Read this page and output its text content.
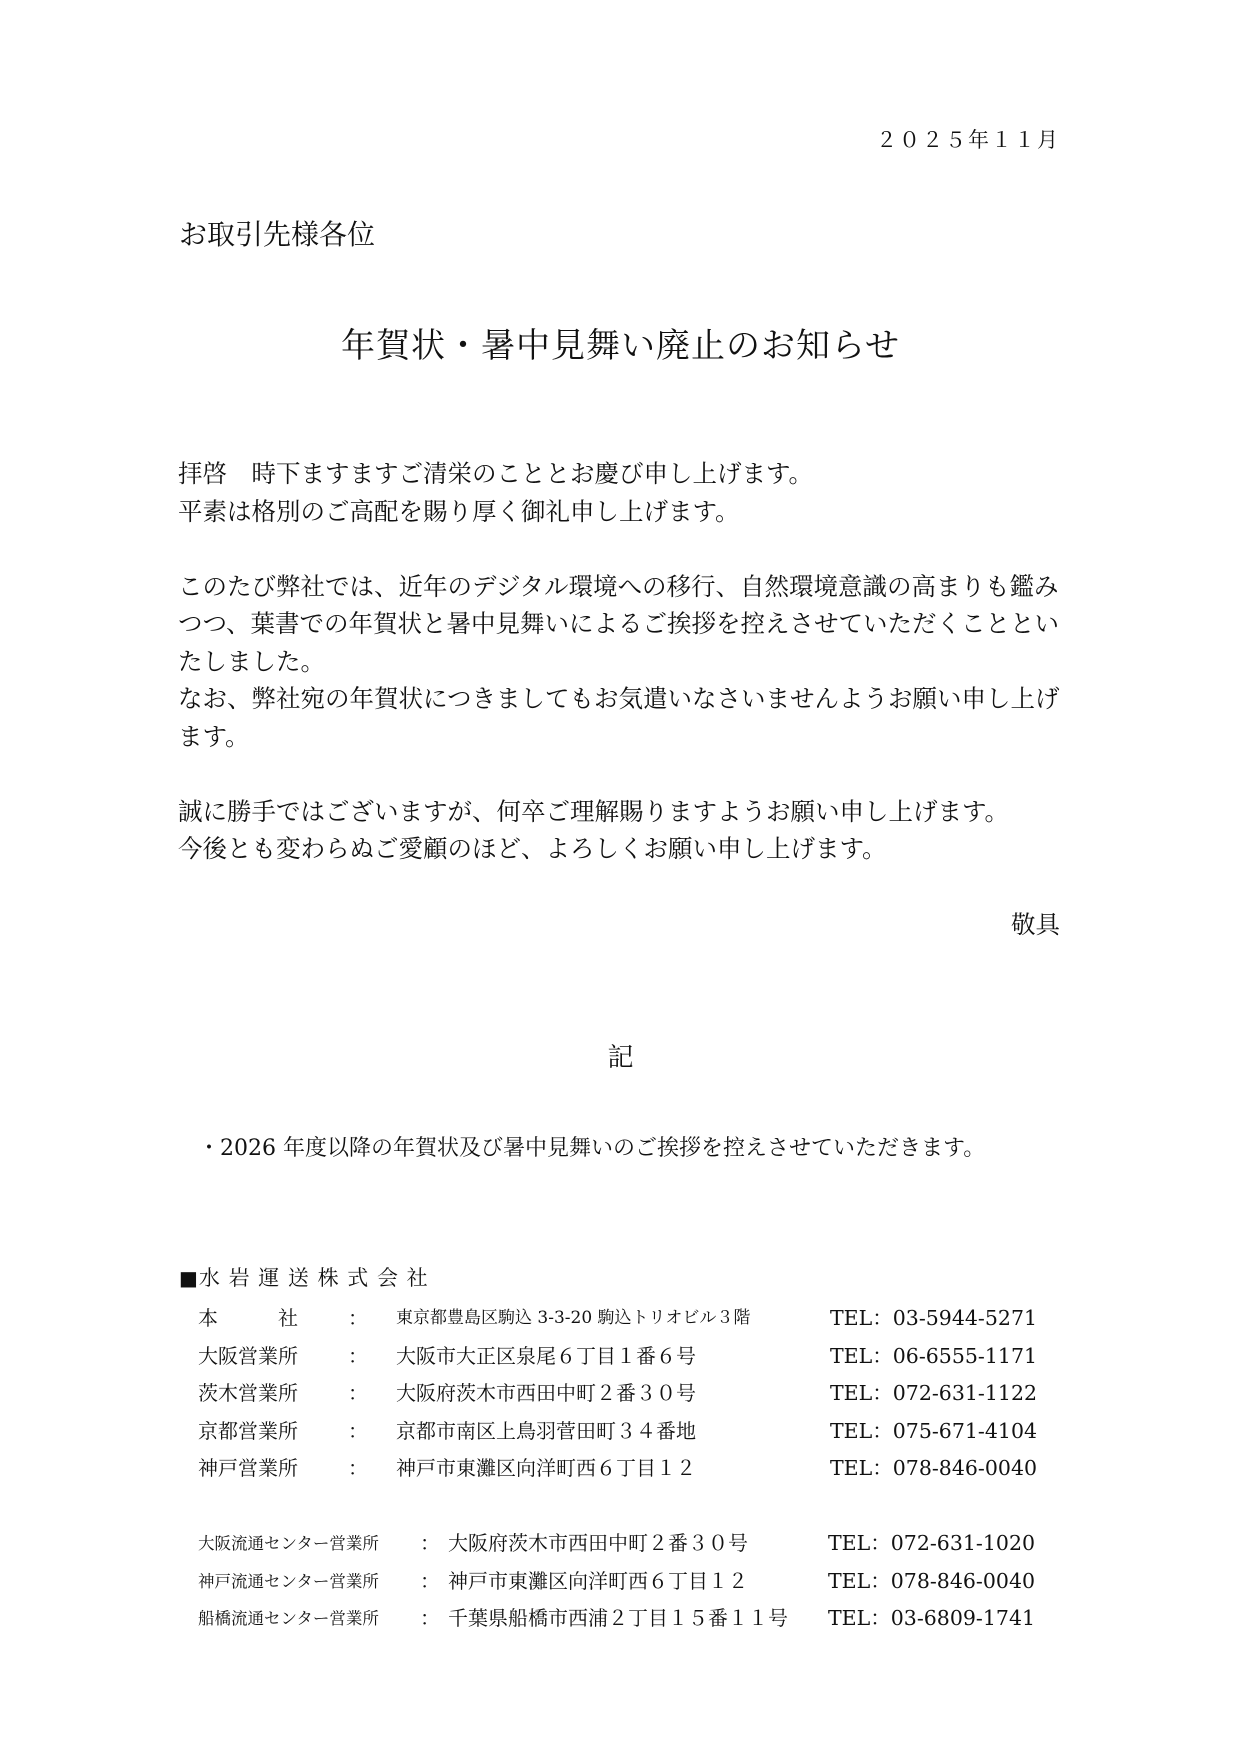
２０２５年１１月
お取引先様各位
年賀状・暑中見舞い廃止のお知らせ

拝啓　時下ますますご清栄のこととお慶び申し上げます。
平素は格別のご高配を賜り厚く御礼申し上げます。

このたび弊社では、近年のデジタル環境への移行、自然環境意識の高まりも鑑みつつ、葉書での年賀状と暑中見舞いによるご挨拶を控えさせていただくことといたしました。
なお、弊社宛の年賀状につきましてもお気遣いなさいませんようお願い申し上げます。

誠に勝手ではございますが、何卒ご理解賜りますようお願い申し上げます。
今後とも変わらぬご愛顧のほど、よろしくお願い申し上げます。

敬具
記
・2026 年度以降の年賀状及び暑中見舞いのご挨拶を控えさせていただきます。
■水 岩 運 送 株 式 会 社
本　　　社	： 東京都豊島区駒込 3-3-20 駒込トリオビル３階	TEL：03-5944-5271
大阪営業所	： 大阪市大正区泉尾６丁目１番６号	TEL：06-6555-1171
茨木営業所	： 大阪府茨木市西田中町２番３０号	TEL：072-631-1122
京都営業所	： 京都市南区上鳥羽菅田町３４番地	TEL：075-671-4104
神戸営業所	： 神戸市東灘区向洋町西６丁目１２	TEL：078-846-0040
大阪流通センター営業所 ： 大阪府茨木市西田中町２番３０号	TEL：072-631-1020
神戸流通センター営業所 ： 神戸市東灘区向洋町西６丁目１２	TEL：078-846-0040
船橋流通センター営業所 ： 千葉県船橋市西浦２丁目１５番１１号 TEL：03-6809-1741
